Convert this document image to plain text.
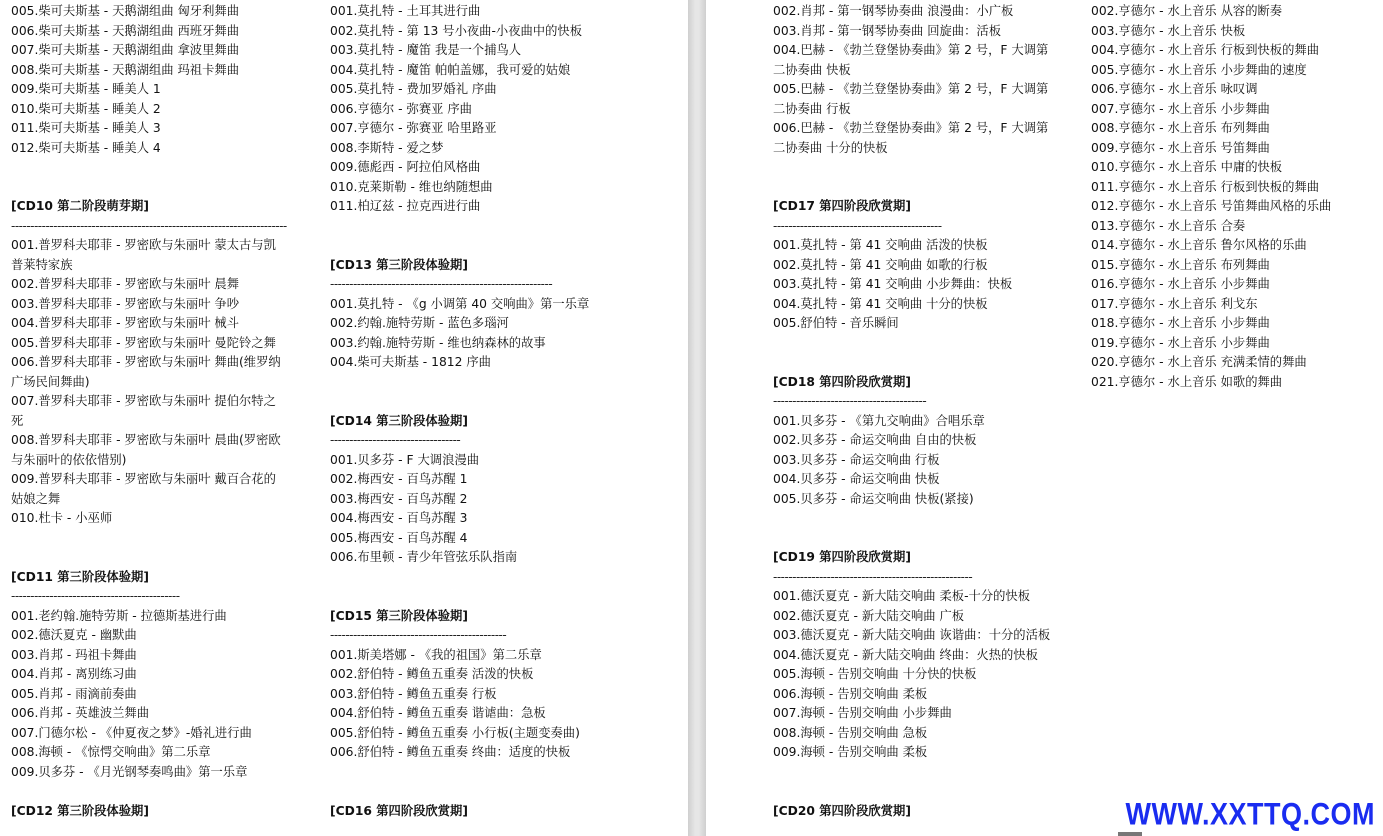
005.柴可夫斯基 - 天鹅湖组曲 匈牙利舞曲
006.柴可夫斯基 - 天鹅湖组曲 西班牙舞曲
007.柴可夫斯基 - 天鹅湖组曲 拿波里舞曲
008.柴可夫斯基 - 天鹅湖组曲 玛祖卡舞曲
009.柴可夫斯基 - 睡美人 1
010.柴可夫斯基 - 睡美人 2
011.柴可夫斯基 - 睡美人 3
012.柴可夫斯基 - 睡美人 4
[CD10 第二阶段萌芽期]
------------------------------------------------------------------------
001.普罗科夫耶菲 - 罗密欧与朱丽叶 蒙太古与凯
普莱特家族
002.普罗科夫耶菲 - 罗密欧与朱丽叶 晨舞
003.普罗科夫耶菲 - 罗密欧与朱丽叶 争吵
004.普罗科夫耶菲 - 罗密欧与朱丽叶 械斗
005.普罗科夫耶菲 - 罗密欧与朱丽叶 曼陀铃之舞
006.普罗科夫耶菲 - 罗密欧与朱丽叶 舞曲(维罗纳
广场民间舞曲)
007.普罗科夫耶菲 - 罗密欧与朱丽叶 提伯尔特之
死
008.普罗科夫耶菲 - 罗密欧与朱丽叶 晨曲(罗密欧
与朱丽叶的依依惜别)
009.普罗科夫耶菲 - 罗密欧与朱丽叶 戴百合花的
姑娘之舞
010.杜卡 - 小巫师
[CD11 第三阶段体验期]
--------------------------------------------
001.老约翰.施特劳斯 - 拉德斯基进行曲
002.德沃夏克 - 幽默曲
003.肖邦 - 玛祖卡舞曲
004.肖邦 - 离别练习曲
005.肖邦 - 雨滴前奏曲
006.肖邦 - 英雄波兰舞曲
007.门德尔松 - 《仲夏夜之梦》-婚礼进行曲
008.海顿 - 《惊愕交响曲》第二乐章
009.贝多芬 - 《月光钢琴奏鸣曲》第一乐章
[CD12 第三阶段体验期]
001.莫扎特 - 土耳其进行曲
002.莫扎特 - 第 13 号小夜曲-小夜曲中的快板
003.莫扎特 - 魔笛 我是一个捕鸟人
004.莫扎特 - 魔笛 帕帕盖娜，我可爱的姑娘
005.莫扎特 - 费加罗婚礼 序曲
006.亨德尔 - 弥赛亚 序曲
007.亨德尔 - 弥赛亚 哈里路亚
008.李斯特 - 爱之梦
009.德彪西 - 阿拉伯风格曲
010.克莱斯勒 - 维也纳随想曲
011.柏辽兹 - 拉克西进行曲
[CD13 第三阶段体验期]
----------------------------------------------------------
001.莫扎特 - 《g 小调第 40 交响曲》第一乐章
002.约翰.施特劳斯 - 蓝色多瑙河
003.约翰.施特劳斯 - 维也纳森林的故事
004.柴可夫斯基 - 1812 序曲
[CD14 第三阶段体验期]
----------------------------------
001.贝多芬 - F 大调浪漫曲
002.梅西安 - 百鸟苏醒 1
003.梅西安 - 百鸟苏醒 2
004.梅西安 - 百鸟苏醒 3
005.梅西安 - 百鸟苏醒 4
006.布里顿 - 青少年管弦乐队指南
[CD15 第三阶段体验期]
----------------------------------------------
001.斯美塔娜 - 《我的祖国》第二乐章
002.舒伯特 - 鳟鱼五重奏 活泼的快板
003.舒伯特 - 鳟鱼五重奏 行板
004.舒伯特 - 鳟鱼五重奏 谐谑曲：急板
005.舒伯特 - 鳟鱼五重奏 小行板(主题变奏曲)
006.舒伯特 - 鳟鱼五重奏 终曲：适度的快板
[CD16 第四阶段欣赏期]
002.肖邦 - 第一钢琴协奏曲 浪漫曲：小广板
003.肖邦 - 第一钢琴协奏曲 回旋曲：活板
004.巴赫 - 《勃兰登堡协奏曲》第 2 号，F 大调第
二协奏曲 快板
005.巴赫 - 《勃兰登堡协奏曲》第 2 号，F 大调第
二协奏曲 行板
006.巴赫 - 《勃兰登堡协奏曲》第 2 号，F 大调第
二协奏曲 十分的快板
[CD17 第四阶段欣赏期]
--------------------------------------------
001.莫扎特 - 第 41 交响曲 活泼的快板
002.莫扎特 - 第 41 交响曲 如歌的行板
003.莫扎特 - 第 41 交响曲 小步舞曲：快板
004.莫扎特 - 第 41 交响曲 十分的快板
005.舒伯特 - 音乐瞬间
[CD18 第四阶段欣赏期]
----------------------------------------
001.贝多芬 - 《第九交响曲》合唱乐章
002.贝多芬 - 命运交响曲 自由的快板
003.贝多芬 - 命运交响曲 行板
004.贝多芬 - 命运交响曲 快板
005.贝多芬 - 命运交响曲 快板(紧接)
[CD19 第四阶段欣赏期]
----------------------------------------------------
001.德沃夏克 - 新大陆交响曲 柔板-十分的快板
002.德沃夏克 - 新大陆交响曲 广板
003.德沃夏克 - 新大陆交响曲 诙谐曲：十分的活板
004.德沃夏克 - 新大陆交响曲 终曲：火热的快板
005.海顿 - 告别交响曲 十分快的快板
006.海顿 - 告别交响曲 柔板
007.海顿 - 告别交响曲 小步舞曲
008.海顿 - 告别交响曲 急板
009.海顿 - 告别交响曲 柔板
[CD20 第四阶段欣赏期]
002.亨德尔 - 水上音乐 从容的断奏
003.亨德尔 - 水上音乐 快板
004.亨德尔 - 水上音乐 行板到快板的舞曲
005.亨德尔 - 水上音乐 小步舞曲的速度
006.亨德尔 - 水上音乐 咏叹调
007.亨德尔 - 水上音乐 小步舞曲
008.亨德尔 - 水上音乐 布列舞曲
009.亨德尔 - 水上音乐 号笛舞曲
010.亨德尔 - 水上音乐 中庸的快板
011.亨德尔 - 水上音乐 行板到快板的舞曲
012.亨德尔 - 水上音乐 号笛舞曲风格的乐曲
013.亨德尔 - 水上音乐 合奏
014.亨德尔 - 水上音乐 鲁尔风格的乐曲
015.亨德尔 - 水上音乐 布列舞曲
016.亨德尔 - 水上音乐 小步舞曲
017.亨德尔 - 水上音乐 利戈东
018.亨德尔 - 水上音乐 小步舞曲
019.亨德尔 - 水上音乐 小步舞曲
020.亨德尔 - 水上音乐 充满柔情的舞曲
021.亨德尔 - 水上音乐 如歌的舞曲
WWW.XXTTQ.COM
